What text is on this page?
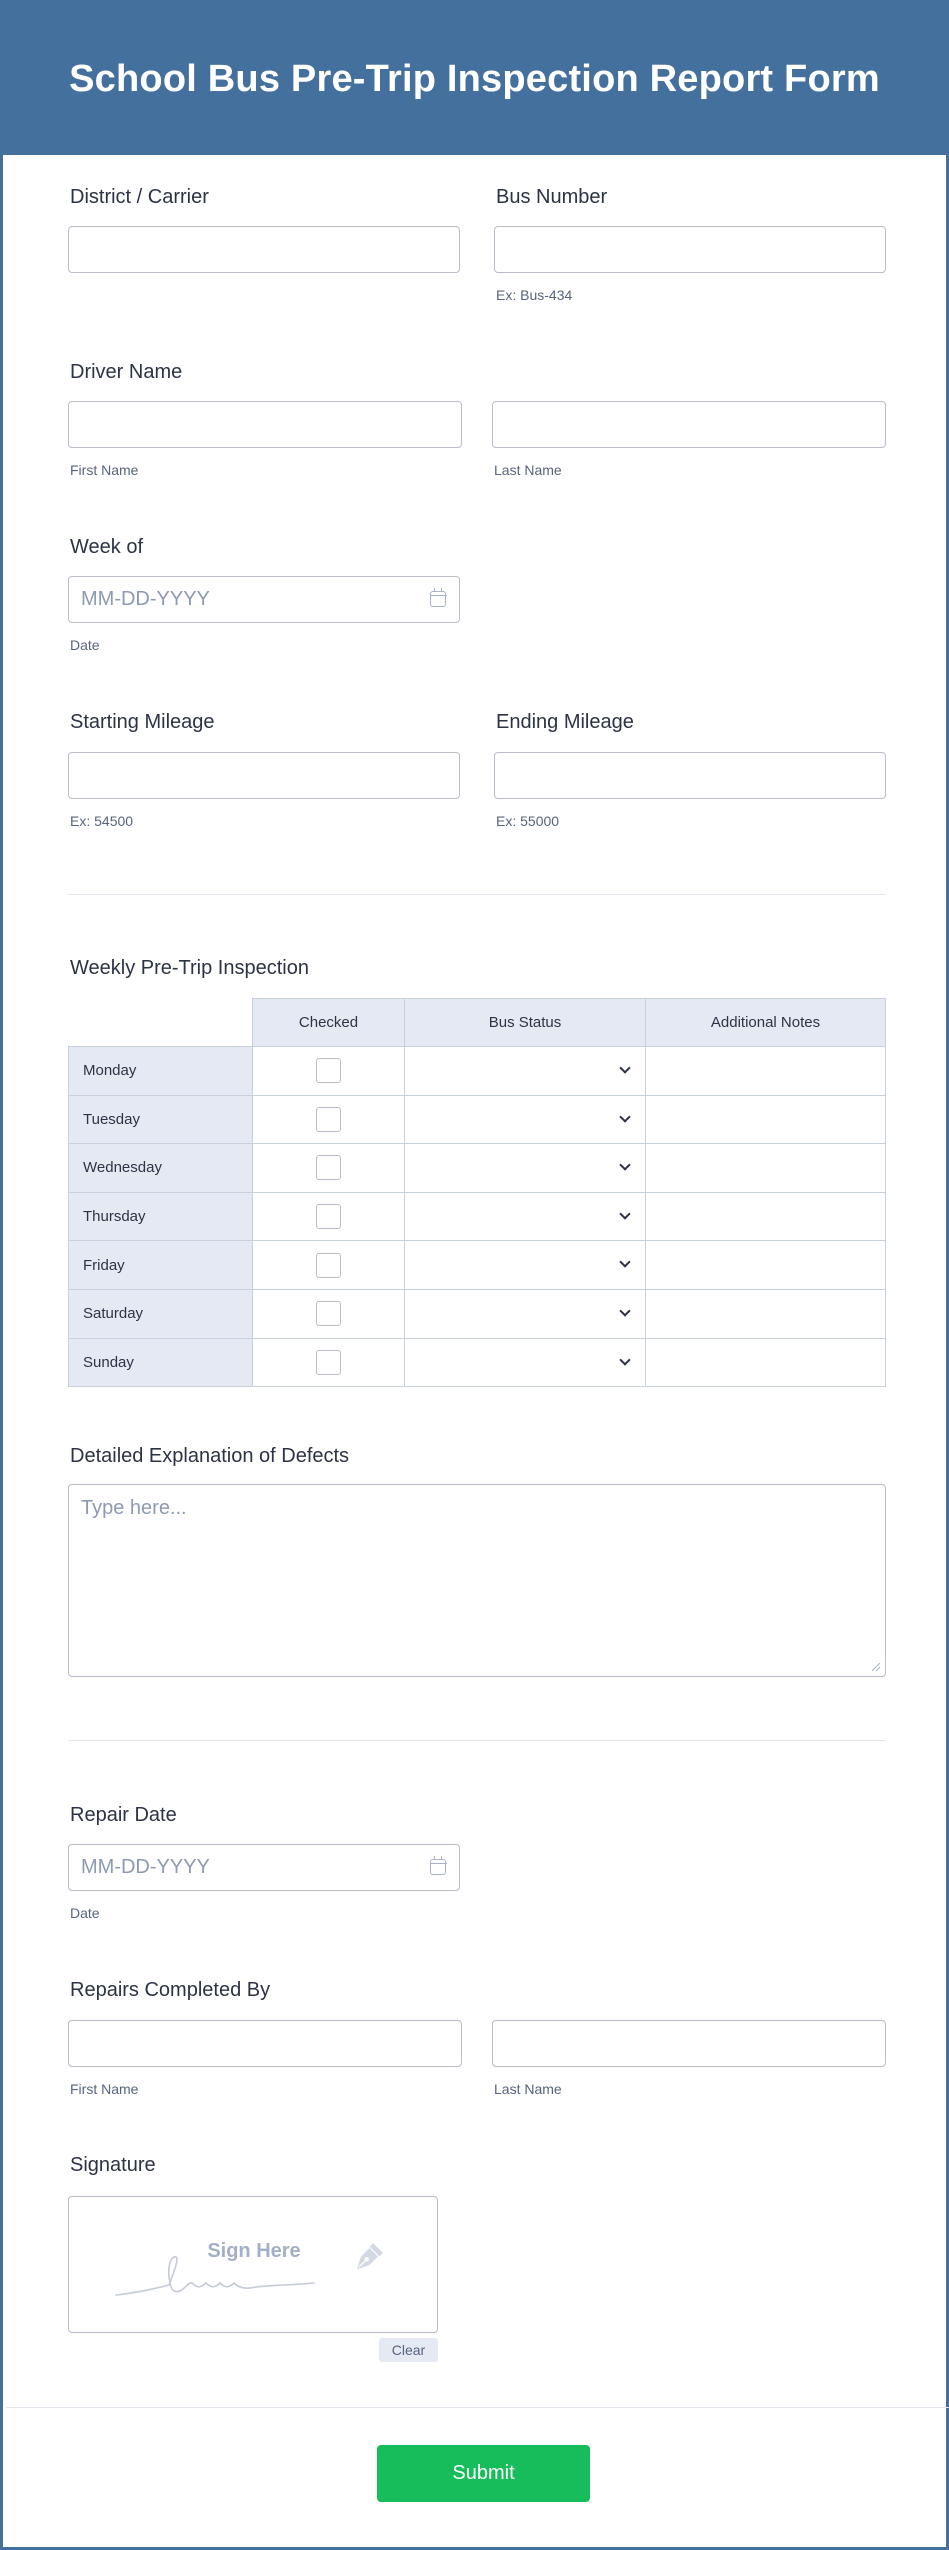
School Bus Pre-Trip Inspection Report Form
District / Carrier	Bus Number
Ex: Bus-434
Driver Name
First Name	Last Name
Week of
MM-DD-YYYY
Date
Starting Mileage
Ex: 54500
Ending Mileage
Ex: 55000
Weekly Pre-Trip Inspection
	Checked	Bus Status	Additional Notes
Monday		

Tuesday		

Wednesday		

Thursday		

Friday		

Saturday		

Sunday		

Detailed Explanation of Defects
Type here...
Repair Date
MM-DD-YYYY
Date
Repairs Completed By
First Name	Last Name
Signature
Sign Here
Clear
Submit
